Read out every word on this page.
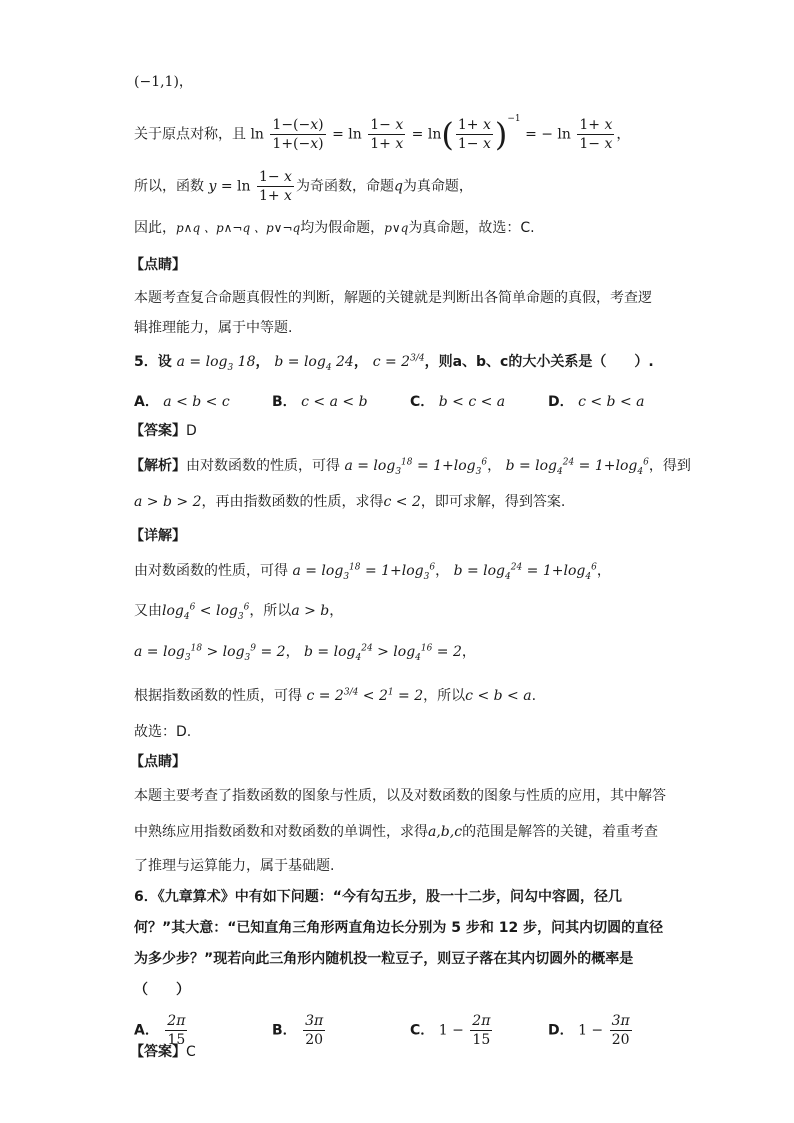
(−1,1)，
关于原点对称，且 $\ln \frac{1-(-x)}{1+(-x)} = \ln \frac{1- x}{1+ x} = \ln( \frac{1+ x}{1- x} )^{-1}$ = − $\ln \frac{1+ x}{1- x}$ ，
所以，函数 $y = \ln \frac{1- x}{1+ x}$ 为奇函数，命题q为真命题，
因此，p∧q 、p∧¬q 、p∨¬q均为假命题，p∨q为真命题，故选：C.
【点睛】
本题考查复合命题真假性的判断，解题的关键就是判断出各简单命题的真假，考查逻辑推理能力，属于中等题.
5．设 $a = \log_3 18$， $b = \log_4 24$， $c = 2^{3/4}$，则a、b、c的大小关系是（　　）.
A． a < b < c	B． c < a < b	C． b < c < a	D． c < b < a
【答案】D
【解析】由对数函数的性质，可得 $a = \log_3^{18} = 1+\log_3^6$， $b = \log_4^{24} = 1+\log_4^6$，得到
a > b > 2，再由指数函数的性质，求得c < 2，即可求解，得到答案.
【详解】
由对数函数的性质，可得 $a = \log_3^{18} = 1+\log_3^6$， $b = \log_4^{24} = 1+\log_4^6$，
又由$\log_4^6 < \log_3^6$，所以a > b，
$a = \log_3^{18} > \log_3^9 = 2$， $b = \log_4^{24} > \log_4^{16} = 2$，
根据指数函数的性质，可得 $c = 2^{3/4} < 2^1 = 2$，所以c < b < a.
故选：D.
【点睛】
本题主要考查了指数函数的图象与性质，以及对数函数的图象与性质的应用，其中解答
中熟练应用指数函数和对数函数的单调性，求得a,b,c的范围是解答的关键，着重考查
了推理与运算能力，属于基础题.
6．《九章算术》中有如下问题：“今有勾五步，股一十二步，问勾中容圆，径几何？”其大意：“已知直角三角形两直角边长分别为 5 步和 12 步，问其内切圆的直径为多少步？”现若向此三角形内随机投一粒豆子，则豆子落在其内切圆外的概率是（　　）
A． $\frac{2\pi}{15}$	B． $\frac{3\pi}{20}$	C． $1 - \frac{2\pi}{15}$	D． $1 - \frac{3\pi}{20}$
【答案】C
